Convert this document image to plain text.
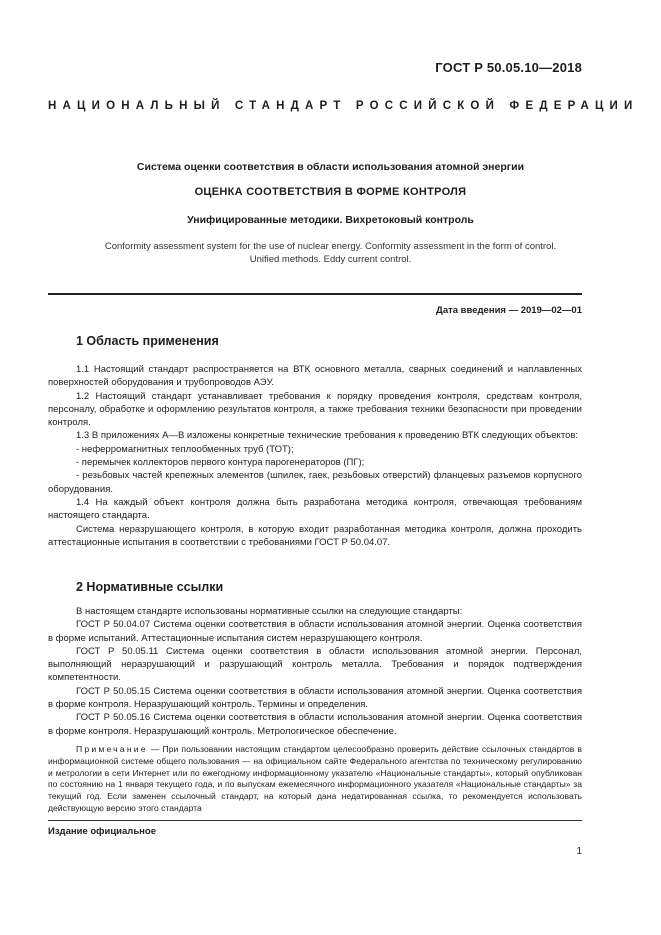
ГОСТ Р 50.05.10—2018
НАЦИОНАЛЬНЫЙ СТАНДАРТ РОССИЙСКОЙ ФЕДЕРАЦИИ
Система оценки соответствия в области использования атомной энергии
ОЦЕНКА СООТВЕТСТВИЯ В ФОРМЕ КОНТРОЛЯ
Унифицированные методики. Вихретоковый контроль
Conformity assessment system for the use of nuclear energy. Conformity assessment in the form of control.
Unified methods. Eddy current control.
Дата введения — 2019—02—01
1 Область применения

1.1 Настоящий стандарт распространяется на ВТК основного металла, сварных соединений и наплавленных поверхностей оборудования и трубопроводов АЭУ.

1.2 Настоящий стандарт устанавливает требования к порядку проведения контроля, средствам контроля, персоналу, обработке и оформлению результатов контроля, а также требования техники безопасности при проведении контроля.

1.3 В приложениях А—В изложены конкретные технические требования к проведению ВТК следующих объектов:

- неферромагнитных теплообменных труб (ТОТ);

- перемычек коллекторов первого контура парогенераторов (ПГ);

- резьбовых частей крепежных элементов (шпилек, гаек, резьбовых отверстий) фланцевых разъемов корпусного оборудования.

1.4 На каждый объект контроля должна быть разработана методика контроля, отвечающая требованиям настоящего стандарта.

Система неразрушающего контроля, в которую входит разработанная методика контроля, должна проходить аттестационные испытания в соответствии с требованиями ГОСТ Р 50.04.07.

2 Нормативные ссылки

В настоящем стандарте использованы нормативные ссылки на следующие стандарты:

ГОСТ Р 50.04.07 Система оценки соответствия в области использования атомной энергии. Оценка соответствия в форме испытаний. Аттестационные испытания систем неразрушающего контроля.

ГОСТ Р 50.05.11 Система оценки соответствия в области использования атомной энергии. Персонал, выполняющий неразрушающий и разрушающий контроль металла. Требования и порядок подтверждения компетентности.

ГОСТ Р 50.05.15 Система оценки соответствия в области использования атомной энергии. Оценка соответствия в форме контроля. Неразрушающий контроль. Термины и определения.

ГОСТ Р 50.05.16 Система оценки соответствия в области использования атомной энергии. Оценка соответствия в форме контроля. Неразрушающий контроль. Метрологическое обеспечение.

Примечание — При пользовании настоящим стандартом целесообразно проверить действие ссылочных стандартов в информационной системе общего пользования — на официальном сайте Федерального агентства по техническому регулированию и метрологии в сети Интернет или по ежегодному информационному указателю «Национальные стандарты», который опубликован по состоянию на 1 января текущего года, и по выпускам ежемесячного информационного указателя «Национальные стандарты» за текущий год. Если заменен ссылочный стандарт, на который дана недатированная ссылка, то рекомендуется использовать действующую версию этого стандарта
Издание официальное
1
